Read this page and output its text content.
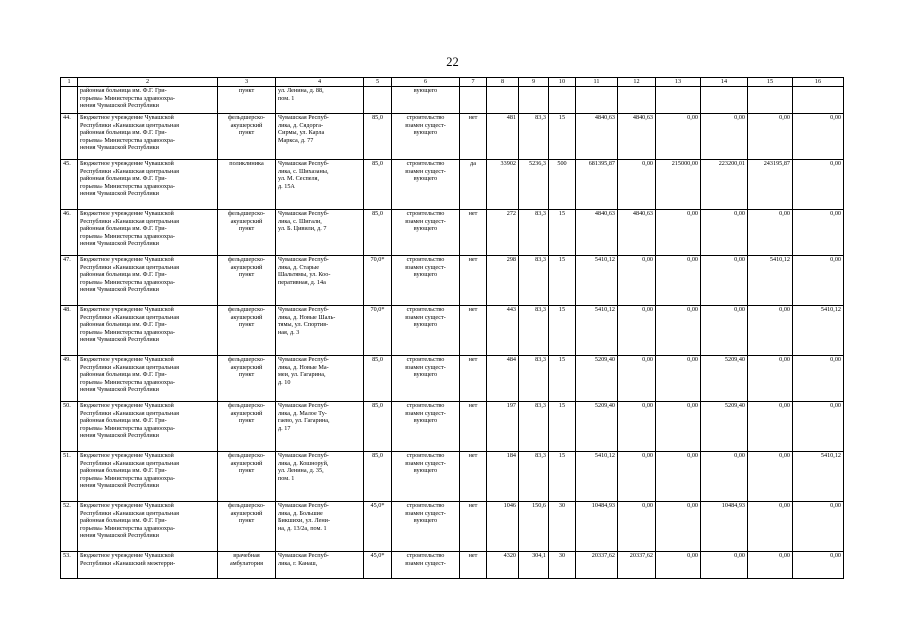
22
1	2	3	4	5	6	7	8	9	10	11	12	13	14	15	16

	районная больница им. Ф.Г. Гри-
горьева» Министерства здравоохра-
нения Чувашской Республики	пункт	ул. Ленина, д. 88,
пом. 1		вующего										

44.	Бюджетное учреждение Чувашской
Республики «Канашская центральная
районная больница им. Ф.Г. Гри-
горьева» Министерства здравоохра-
нения Чувашской Республики	фельдшерско-
акушерский
пункт	Чувашская Респуб-
лика, д. Сядорга-
Сирмы, ул. Карла
Маркса, д. 77	85,0	строительство
взамен сущест-
вующего	нет	481	83,3	15	4840,63	4840,63	0,00	0,00	0,00	0,00
45.	Бюджетное учреждение Чувашской
Республики «Канашская центральная
районная больница им. Ф.Г. Гри-
горьева» Министерства здравоохра-
нения Чувашской Республики	поликлиника	Чувашская Респуб-
лика, с. Шихазаны,
ул. М. Сеспеля,
д. 15А	85,0	строительство
взамен сущест-
вующего	да	33902	5236,3	500	681395,87	0,00	215000,00	223200,01	243195,87	0,00
46.	Бюджетное учреждение Чувашской
Республики «Канашская центральная
районная больница им. Ф.Г. Гри-
горьева» Министерства здравоохра-
нения Чувашской Республики	фельдшерско-
акушерский
пункт	Чувашская Респуб-
лика, с. Шигали,
ул. Б. Цивили, д. 7	85,0	строительство
взамен сущест-
вующего	нет	272	83,3	15	4840,63	4840,63	0,00	0,00	0,00	0,00
47.	Бюджетное учреждение Чувашской
Республики «Канашская центральная
районная больница им. Ф.Г. Гри-
горьева» Министерства здравоохра-
нения Чувашской Республики	фельдшерско-
акушерский
пункт	Чувашская Респуб-
лика, д. Старые
Шальтямы, ул. Коо-
перативная, д. 14а	70,0*	строительство
взамен сущест-
вующего	нет	298	83,3	15	5410,12	0,00	0,00	0,00	5410,12	0,00
48.	Бюджетное учреждение Чувашской
Республики «Канашская центральная
районная больница им. Ф.Г. Гри-
горьева» Министерства здравоохра-
нения Чувашской Республики	фельдшерско-
акушерский
пункт	Чувашская Респуб-
лика, д. Новые Шаль-
тямы, ул. Спортив-
ная, д. 3	70,0*	строительство
взамен сущест-
вующего	нет	443	83,3	15	5410,12	0,00	0,00	0,00	0,00	5410,12
49.	Бюджетное учреждение Чувашской
Республики «Канашская центральная
районная больница им. Ф.Г. Гри-
горьева» Министерства здравоохра-
нения Чувашской Республики	фельдшерско-
акушерский
пункт	Чувашская Респуб-
лика, д. Новые Ма-
меи, ул. Гагарина,
д. 10	85,0	строительство
взамен сущест-
вующего	нет	484	83,3	15	5209,40	0,00	0,00	5209,40	0,00	0,00
50.	Бюджетное учреждение Чувашской
Республики «Канашская центральная
районная больница им. Ф.Г. Гри-
горьева» Министерства здравоохра-
нения Чувашской Республики	фельдшерско-
акушерский
пункт	Чувашская Респуб-
лика, д. Малое Ту-
гаево, ул. Гагарина,
д. 17	85,0	строительство
взамен сущест-
вующего	нет	197	83,3	15	5209,40	0,00	0,00	5209,40	0,00	0,00
51.	Бюджетное учреждение Чувашской
Республики «Канашская центральная
районная больница им. Ф.Г. Гри-
горьева» Министерства здравоохра-
нения Чувашской Республики	фельдшерско-
акушерский
пункт	Чувашская Респуб-
лика, д. Кошноруй,
ул. Ленина, д. 35,
пом. 1	85,0	строительство
взамен сущест-
вующего	нет	184	83,3	15	5410,12	0,00	0,00	0,00	0,00	5410,12
52.	Бюджетное учреждение Чувашской
Республики «Канашская центральная
районная больница им. Ф.Г. Гри-
горьева» Министерства здравоохра-
нения Чувашской Республики	фельдшерско-
акушерский
пункт	Чувашская Респуб-
лика, д. Большие
Бикшихи, ул. Лени-
на, д. 13/2а, пом. 1	45,0*	строительство
взамен сущест-
вующего	нет	1046	150,6	30	10484,93	0,00	0,00	10484,93	0,00	0,00
53.	Бюджетное учреждение Чувашской
Республики «Канашский межтерри-	врачебная
амбулатория	Чувашская Респуб-
лика, г. Канаш,	45,0*	строительство
взамен сущест-	нет	4320	304,1	30	20337,62	20337,62	0,00	0,00	0,00	0,00
